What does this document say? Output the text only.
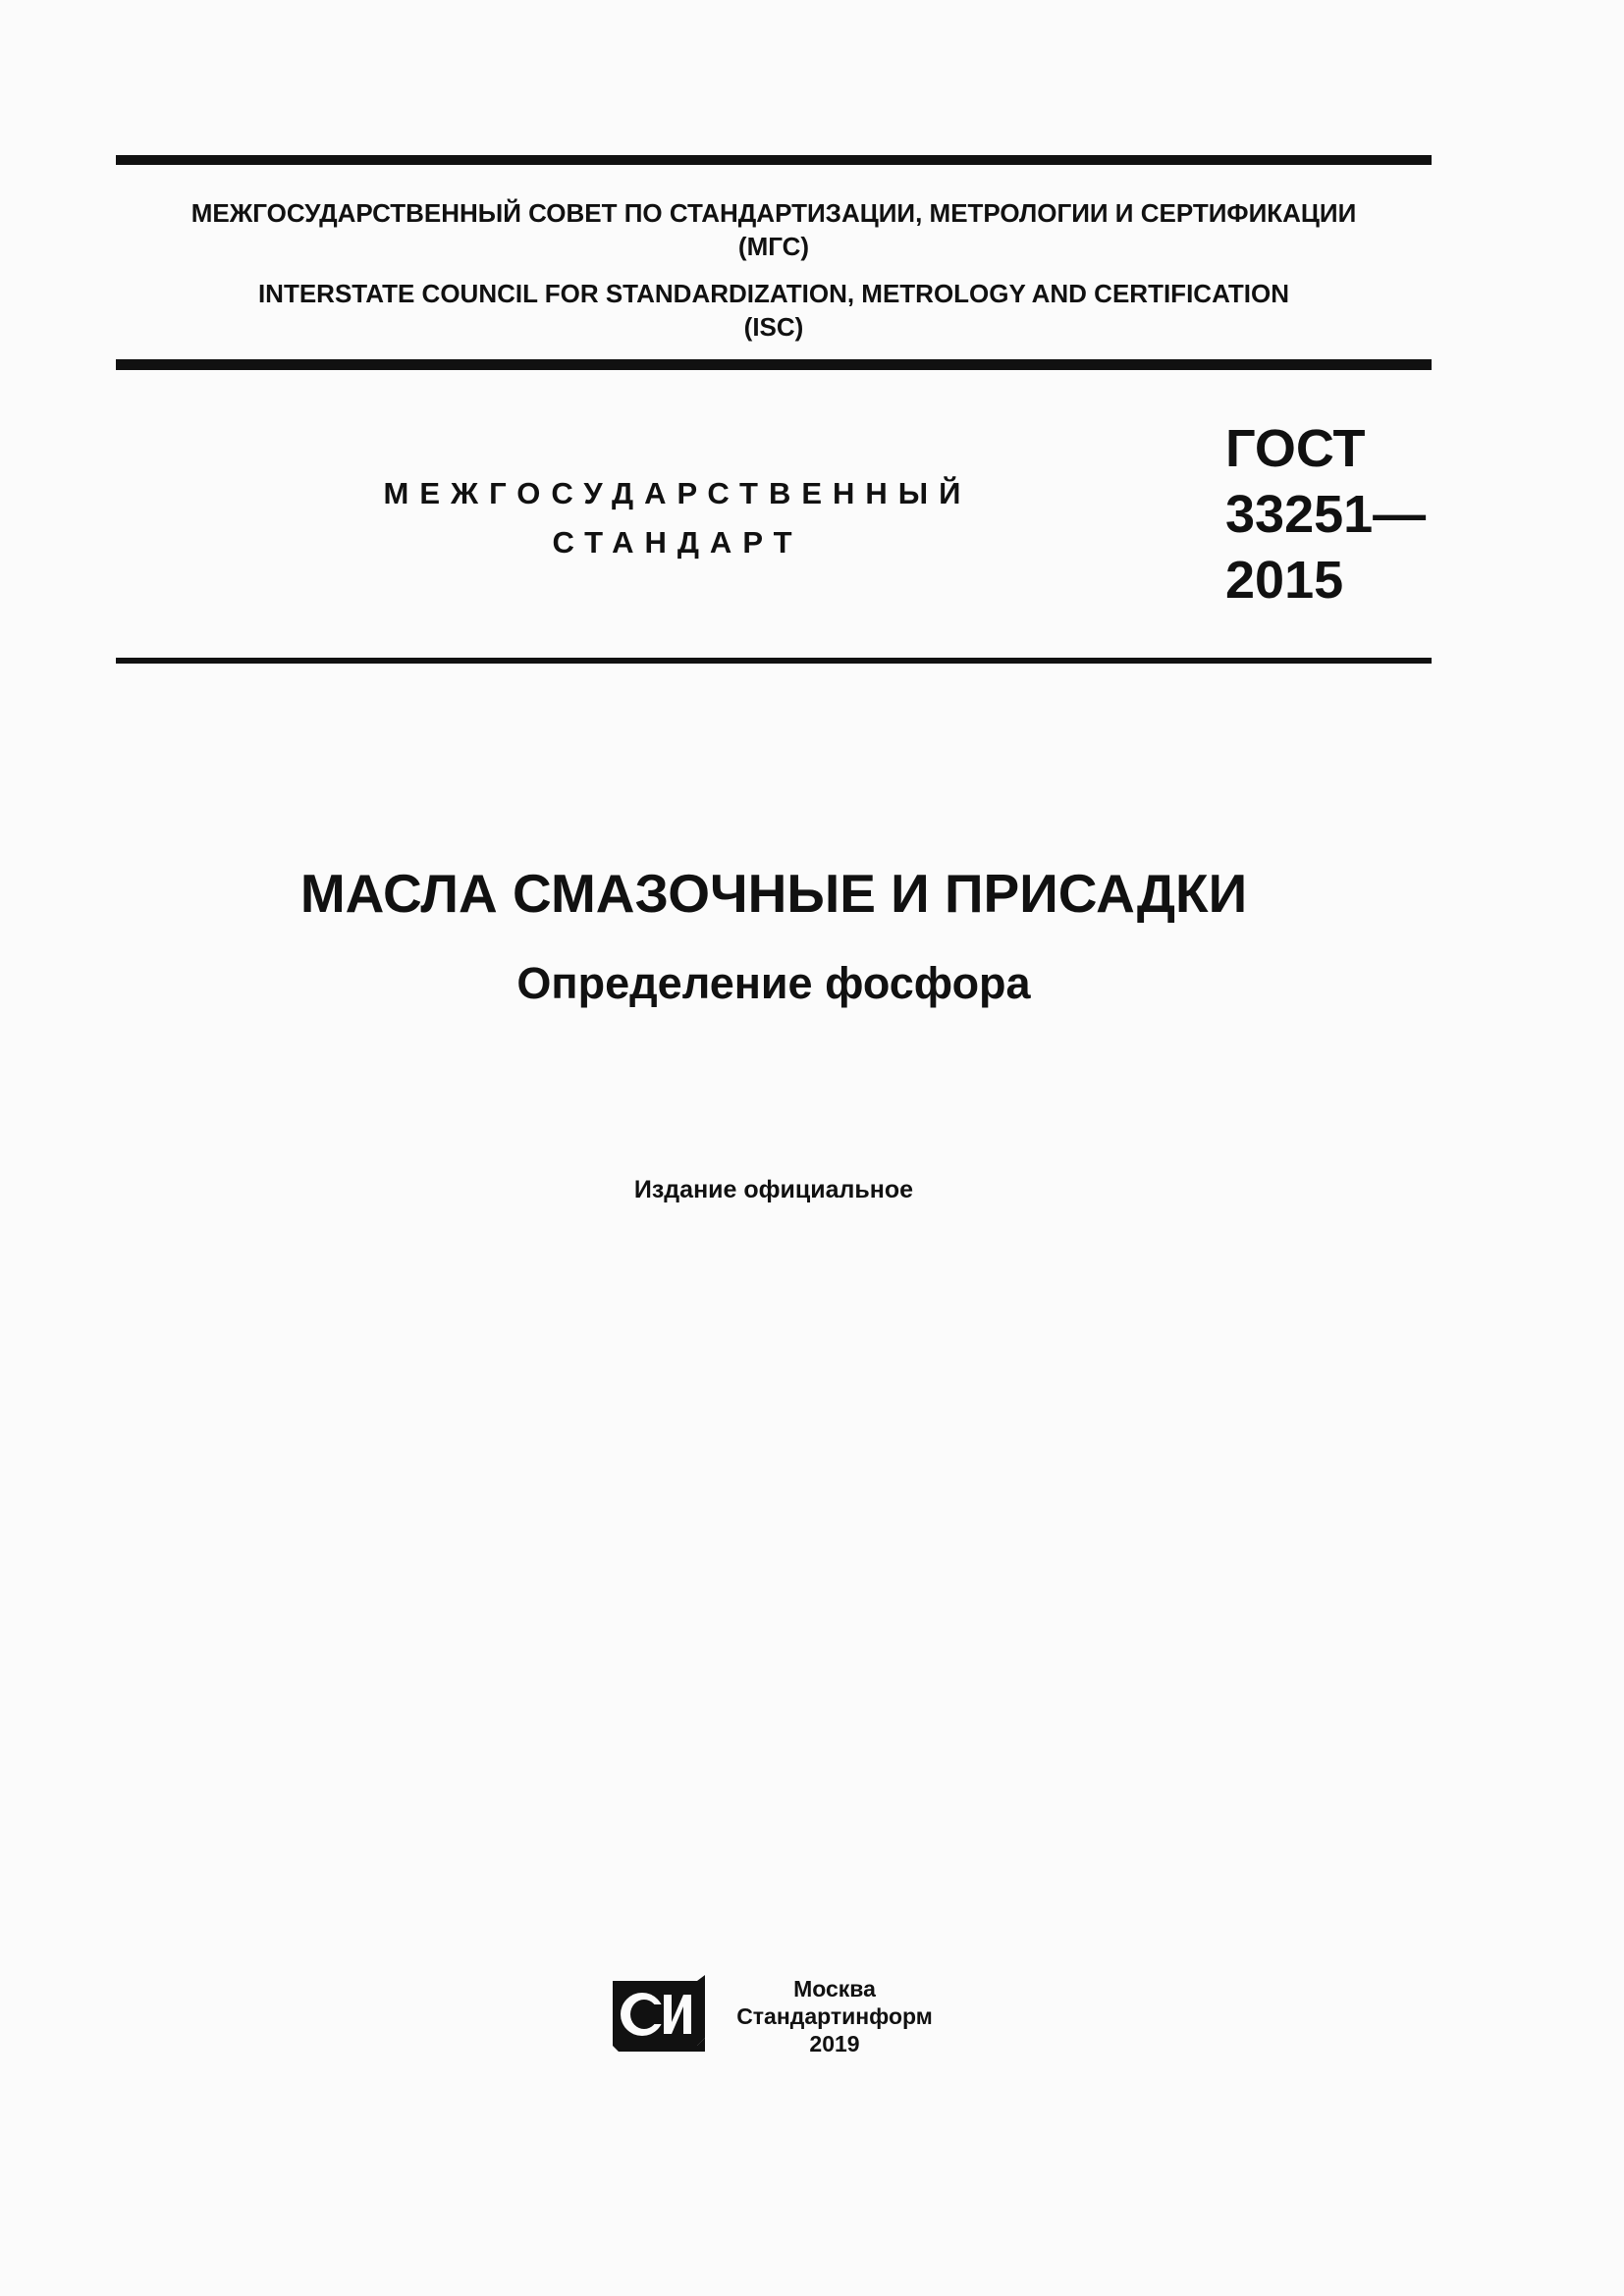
МЕЖГОСУДАРСТВЕННЫЙ СОВЕТ ПО СТАНДАРТИЗАЦИИ, МЕТРОЛОГИИ И СЕРТИФИКАЦИИ
(МГС)
INTERSTATE COUNCIL FOR STANDARDIZATION, METROLOGY AND CERTIFICATION
(ISC)
МЕЖГОСУДАРСТВЕННЫЙ
СТАНДАРТ
ГОСТ
33251—
2015
МАСЛА СМАЗОЧНЫЕ И ПРИСАДКИ
Определение фосфора
Издание официальное
Москва
Стандартинформ
2019
